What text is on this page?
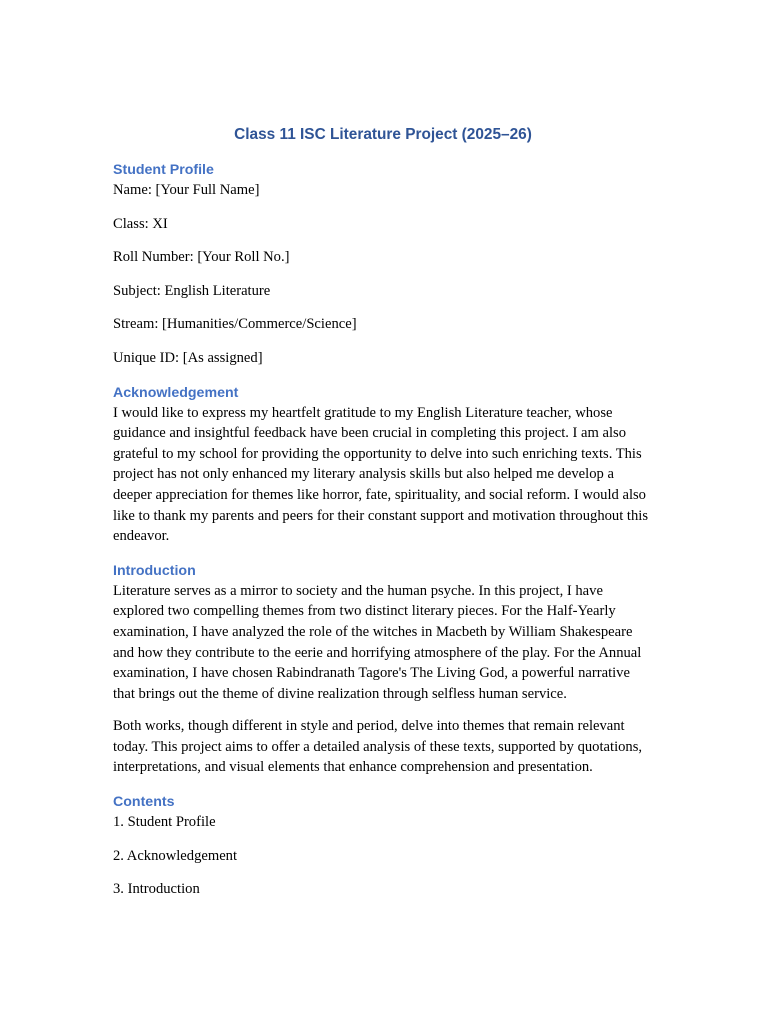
Class 11 ISC Literature Project (2025–26)
Student Profile
Name: [Your Full Name]
Class: XI
Roll Number: [Your Roll No.]
Subject: English Literature
Stream: [Humanities/Commerce/Science]
Unique ID: [As assigned]
Acknowledgement
I would like to express my heartfelt gratitude to my English Literature teacher, whose guidance and insightful feedback have been crucial in completing this project. I am also grateful to my school for providing the opportunity to delve into such enriching texts. This project has not only enhanced my literary analysis skills but also helped me develop a deeper appreciation for themes like horror, fate, spirituality, and social reform. I would also like to thank my parents and peers for their constant support and motivation throughout this endeavor.
Introduction
Literature serves as a mirror to society and the human psyche. In this project, I have explored two compelling themes from two distinct literary pieces. For the Half-Yearly examination, I have analyzed the role of the witches in Macbeth by William Shakespeare and how they contribute to the eerie and horrifying atmosphere of the play. For the Annual examination, I have chosen Rabindranath Tagore's The Living God, a powerful narrative that brings out the theme of divine realization through selfless human service.
Both works, though different in style and period, delve into themes that remain relevant today. This project aims to offer a detailed analysis of these texts, supported by quotations, interpretations, and visual elements that enhance comprehension and presentation.
Contents
1. Student Profile
2. Acknowledgement
3. Introduction
